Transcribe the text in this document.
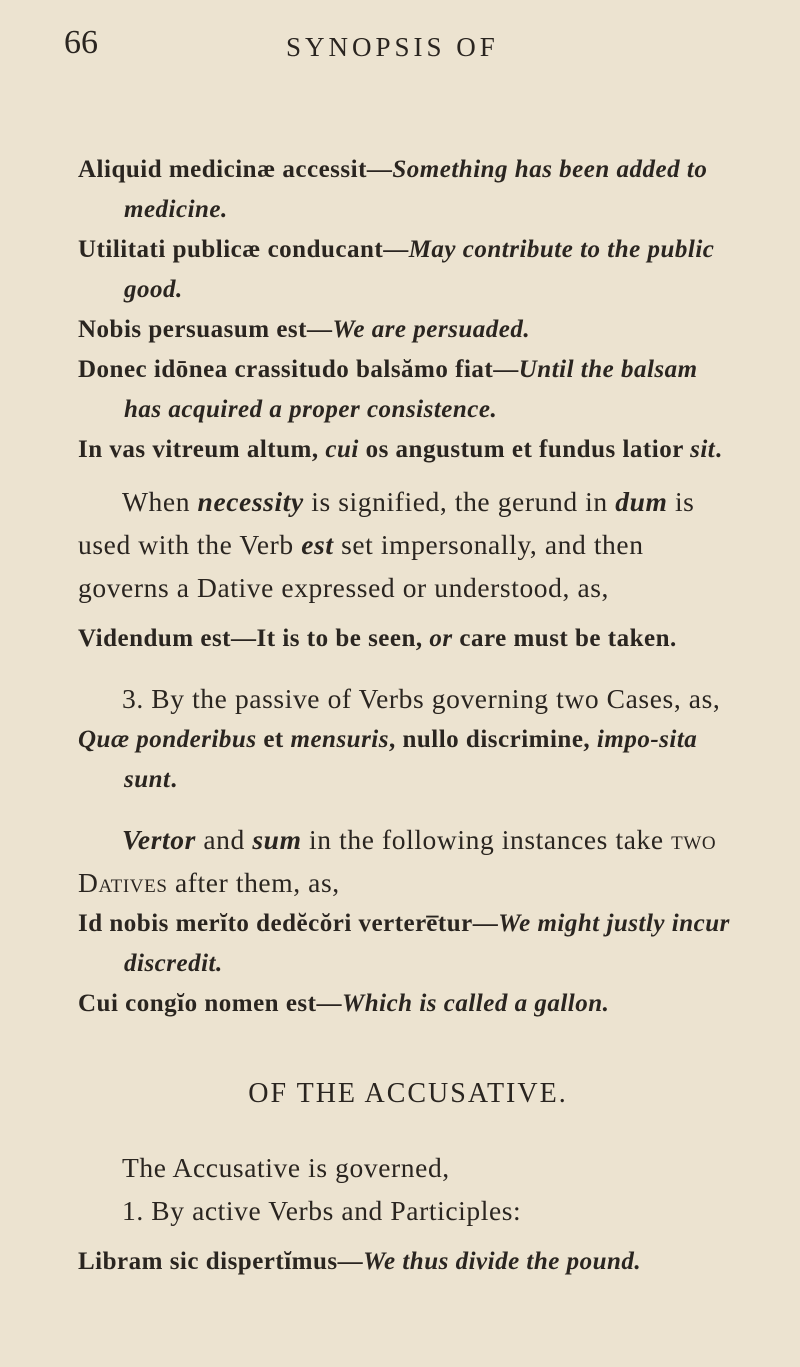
66	SYNOPSIS OF

Aliquid medicinæ accessit—Something has been added to medicine.

Utilitati publicæ conducant—May contribute to the public good.

Nobis persuasum est—We are persuaded.

Donec idōnea crassitudo balsămo fiat—Until the balsam has acquired a proper consistence.

In vas vitreum altum, cui os angustum et fundus latior sit.

When necessity is signified, the gerund in dum is used with the Verb est set impersonally, and then governs a Dative expressed or understood, as,

Videndum est—It is to be seen, or care must be taken.

3. By the passive of Verbs governing two Cases, as,

Quæ ponderibus et mensuris, nullo discrimine, impo-sita sunt.

Vertor and sum in the following instances take two Datives after them, as,

Id nobis merĭto dedĕcŏri vertere̅tur—We might justly incur discredit.

Cui congĭo nomen est—Which is called a gallon.

OF THE ACCUSATIVE.

The Accusative is governed,

1. By active Verbs and Participles:

Libram sic dispertĭmus—We thus divide the pound.
